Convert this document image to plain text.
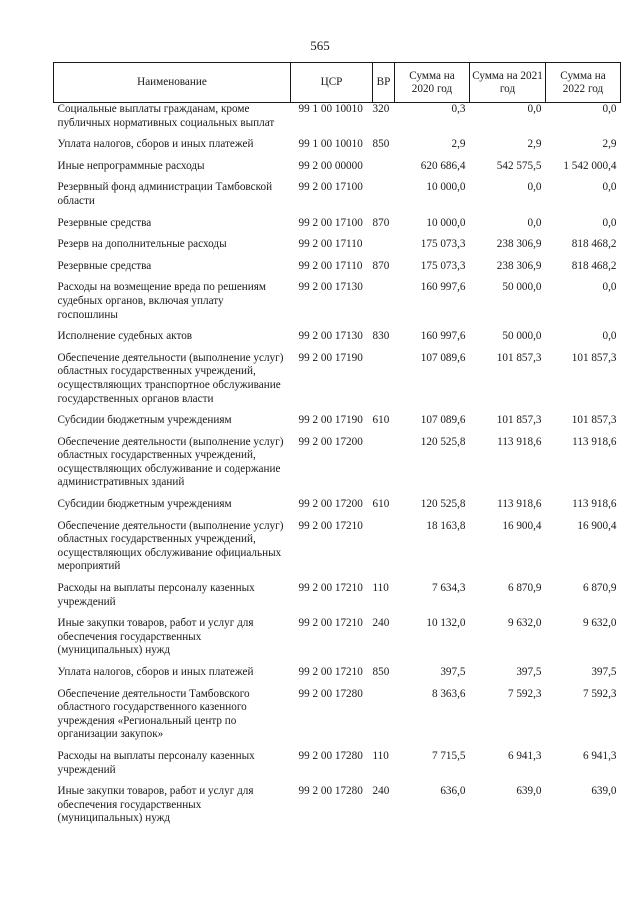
565
Наименование	ЦСР	ВР	Сумма на 2020 год	Сумма на 2021 год	Сумма на 2022 год
Социальные выплаты гражданам, кроме публичных нормативных социальных выплат	99 1 00 10010	320	0,3	0,0	0,0
Уплата налогов, сборов и иных платежей	99 1 00 10010	850	2,9	2,9	2,9
Иные непрограммные расходы	99 2 00 00000		620 686,4	542 575,5	1 542 000,4
Резервный фонд администрации Тамбовской области	99 2 00 17100		10 000,0	0,0	0,0
Резервные средства	99 2 00 17100	870	10 000,0	0,0	0,0
Резерв на дополнительные расходы	99 2 00 17110		175 073,3	238 306,9	818 468,2
Резервные средства	99 2 00 17110	870	175 073,3	238 306,9	818 468,2
Расходы на возмещение вреда по решениям судебных органов, включая уплату госпошлины	99 2 00 17130		160 997,6	50 000,0	0,0
Исполнение судебных актов	99 2 00 17130	830	160 997,6	50 000,0	0,0
Обеспечение деятельности (выполнение услуг) областных государственных учреждений, осуществляющих транспортное обслуживание государственных органов власти	99 2 00 17190		107 089,6	101 857,3	101 857,3
Субсидии бюджетным учреждениям	99 2 00 17190	610	107 089,6	101 857,3	101 857,3
Обеспечение деятельности (выполнение услуг) областных государственных учреждений, осуществляющих обслуживание и содержание административных зданий	99 2 00 17200		120 525,8	113 918,6	113 918,6
Субсидии бюджетным учреждениям	99 2 00 17200	610	120 525,8	113 918,6	113 918,6
Обеспечение деятельности (выполнение услуг) областных государственных учреждений, осуществляющих обслуживание официальных мероприятий	99 2 00 17210		18 163,8	16 900,4	16 900,4
Расходы на выплаты персоналу казенных учреждений	99 2 00 17210	110	7 634,3	6 870,9	6 870,9
Иные закупки товаров, работ и услуг для обеспечения государственных (муниципальных) нужд	99 2 00 17210	240	10 132,0	9 632,0	9 632,0
Уплата налогов, сборов и иных платежей	99 2 00 17210	850	397,5	397,5	397,5
Обеспечение деятельности Тамбовского областного государственного казенного учреждения «Региональный центр по организации закупок»	99 2 00 17280		8 363,6	7 592,3	7 592,3
Расходы на выплаты персоналу казенных учреждений	99 2 00 17280	110	7 715,5	6 941,3	6 941,3
Иные закупки товаров, работ и услуг для обеспечения государственных (муниципальных) нужд	99 2 00 17280	240	636,0	639,0	639,0
